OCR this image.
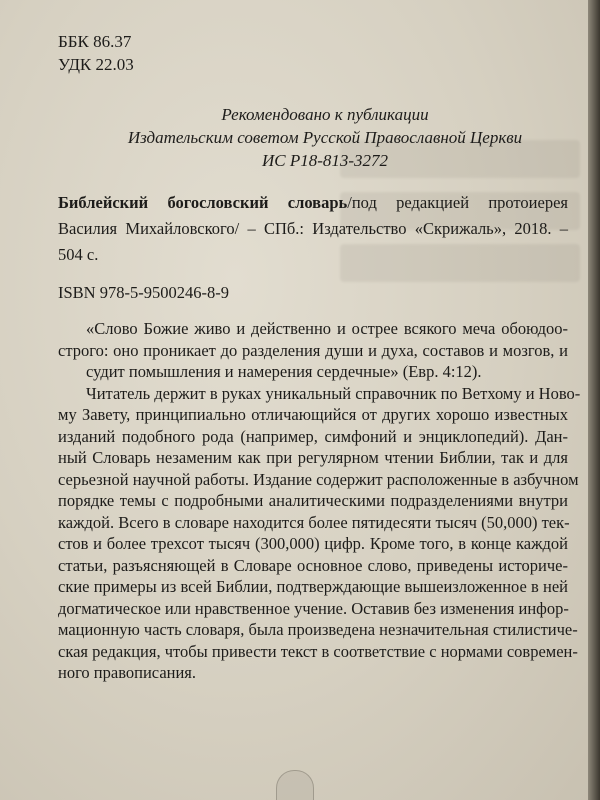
ББК 86.37
УДК 22.03
Рекомендовано к публикации
Издательским советом Русской Православной Церкви
ИС Р18-813-3272
Библейский богословский словарь/под редакцией протоиерея
Василия Михайловского/ – СПб.: Издательство «Скрижаль», 2018. –
504 с.
ISBN 978-5-9500246-8-9
«Слово Божие живо и действенно и острее всякого меча обоюдоо-
строго: оно проникает до разделения души и духа, составов и мозгов, и
судит помышления и намерения сердечные» (Евр. 4:12).
Читатель держит в руках уникальный справочник по Ветхому и Ново-
му Завету, принципиально отличающийся от других хорошо известных
изданий подобного рода (например, симфоний и энциклопедий). Дан-
ный Словарь незаменим как при регулярном чтении Библии, так и для
серьезной научной работы. Издание содержит расположенные в азбучном
порядке темы с подробными аналитическими подразделениями внутри
каждой. Всего в словаре находится более пятидесяти тысяч (50,000) тек-
стов и более трехсот тысяч (300,000) цифр. Кроме того, в конце каждой
статьи, разъясняющей в Словаре основное слово, приведены историче-
ские примеры из всей Библии, подтверждающие вышеизложенное в ней
догматическое или нравственное учение. Оставив без изменения инфор-
мационную часть словаря, была произведена незначительная стилистиче-
ская редакция, чтобы привести текст в соответствие с нормами современ-
ного правописания.
